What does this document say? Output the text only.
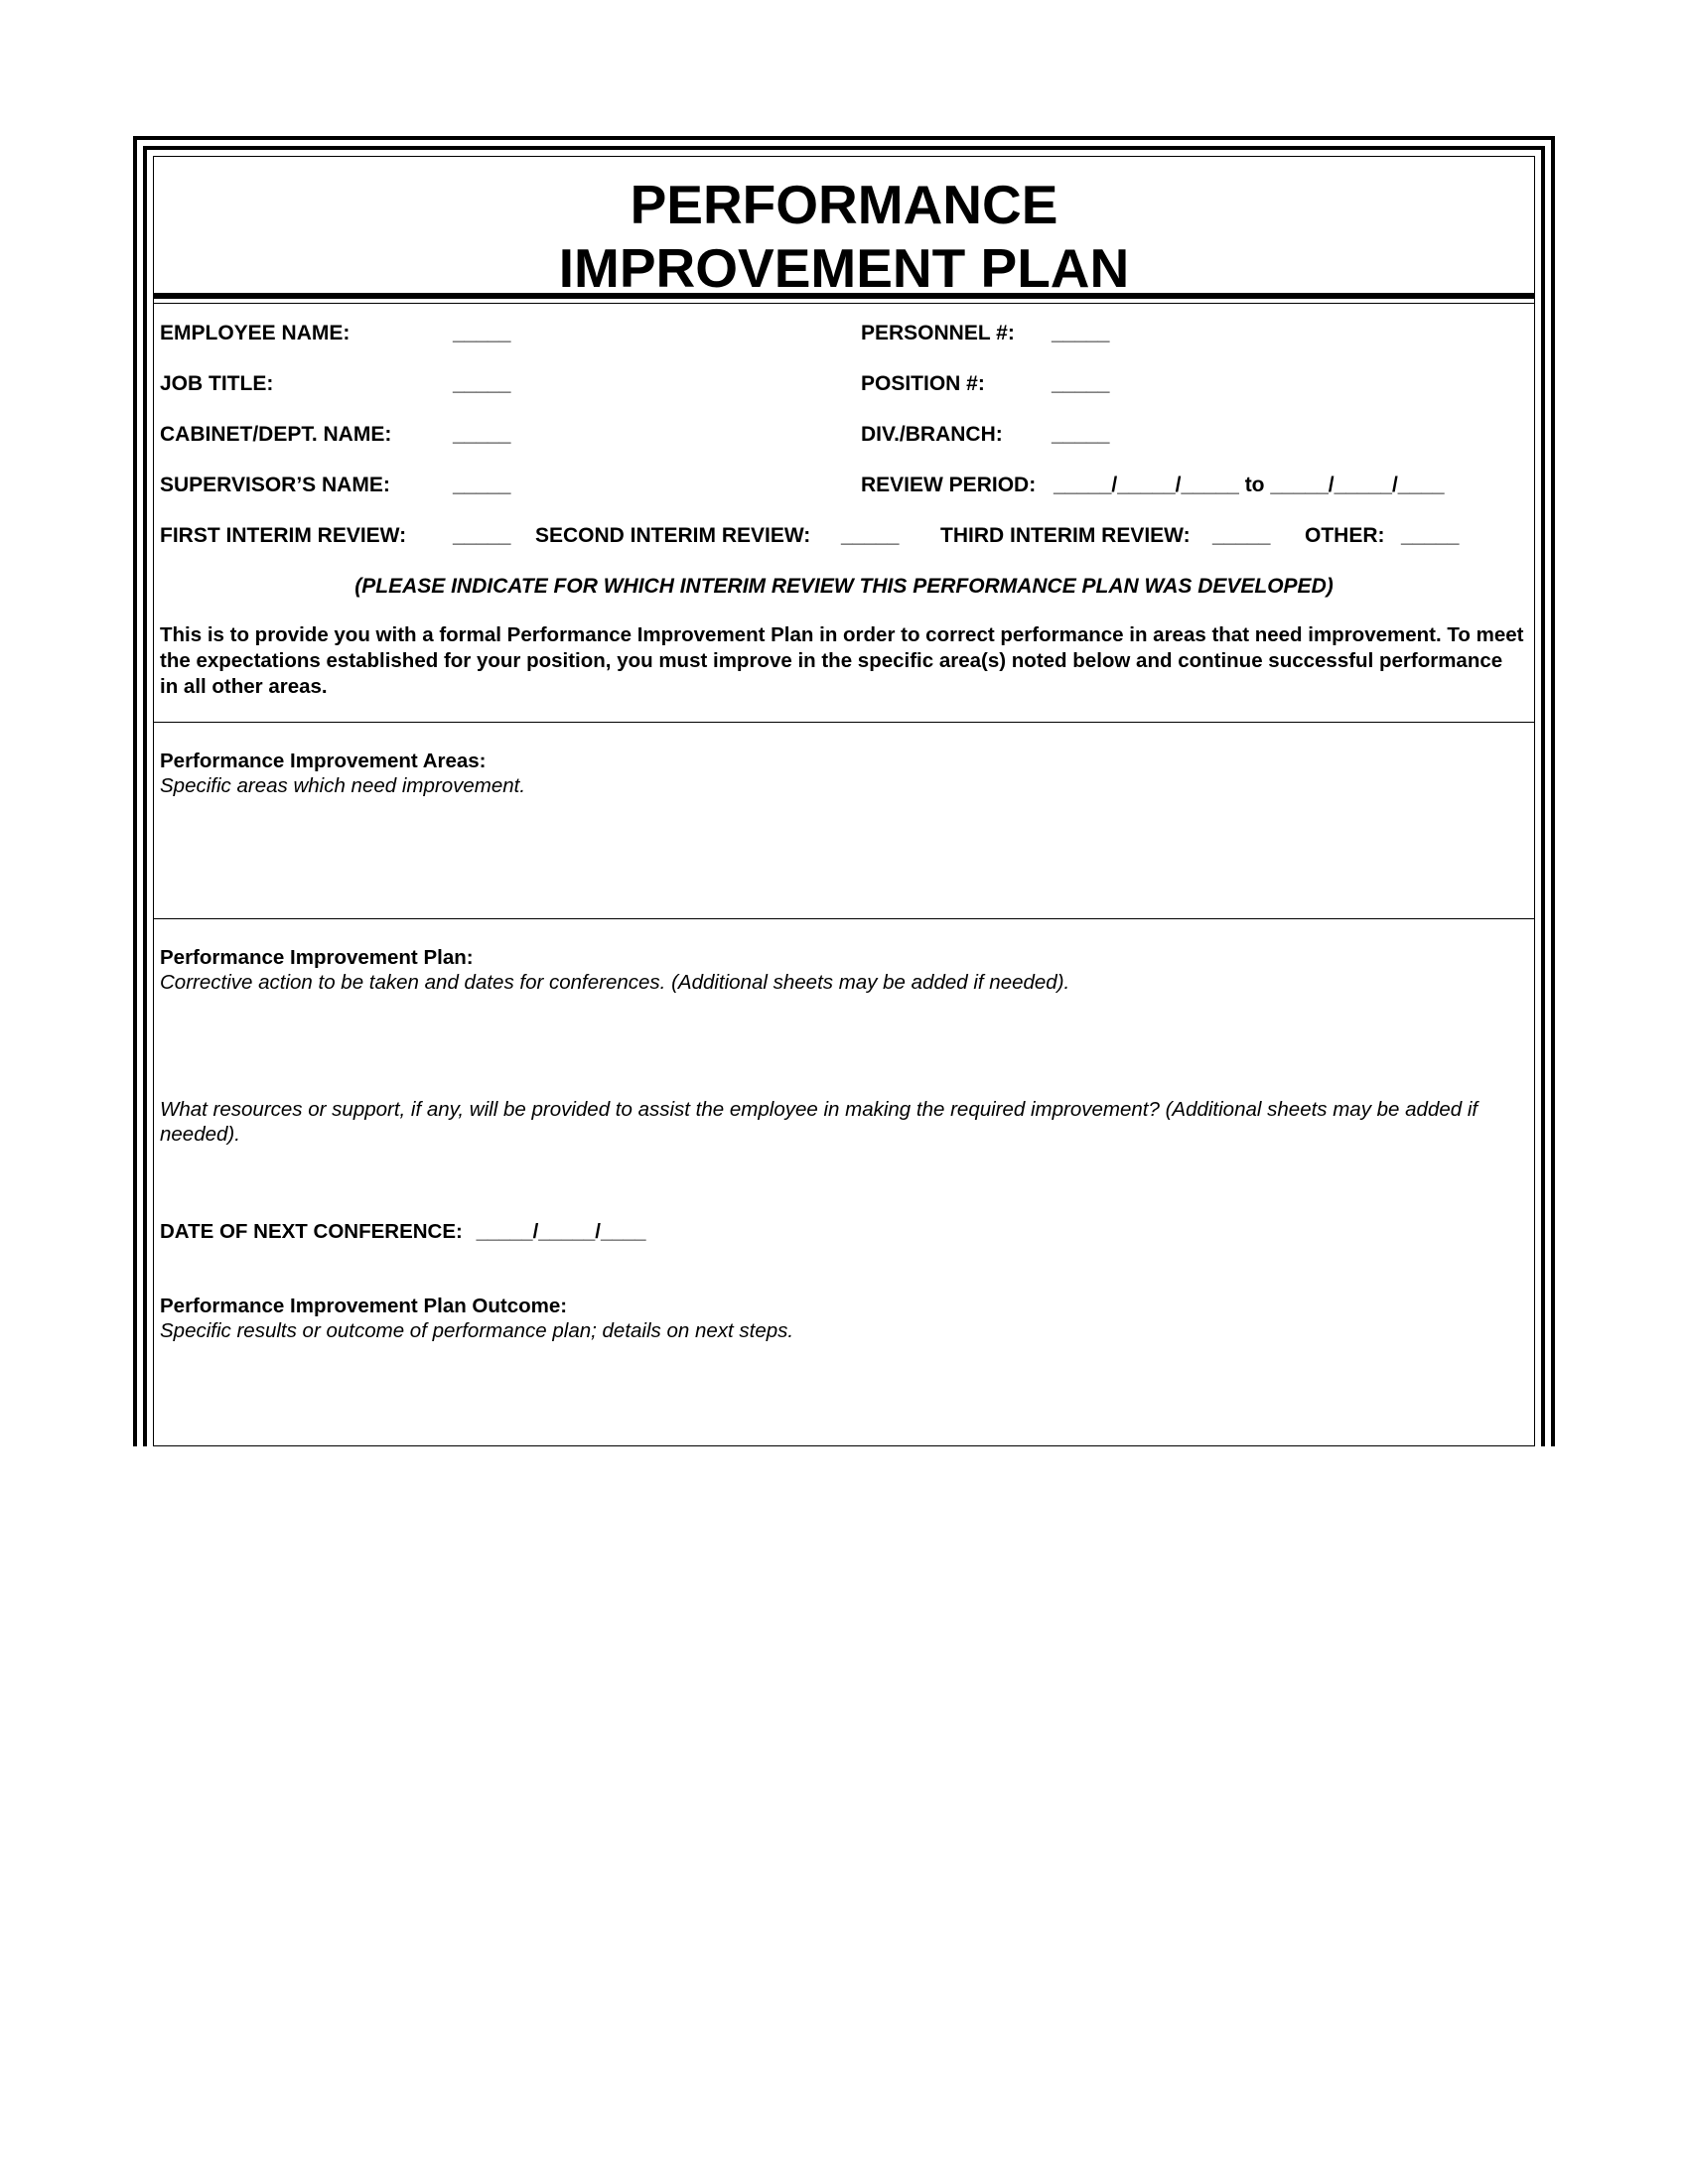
PERFORMANCE
IMPROVEMENT PLAN
EMPLOYEE NAME:	_____	PERSONNEL #: _____
JOB TITLE:	_____	POSITION #:	_____
CABINET/DEPT. NAME:	_____	DIV./BRANCH: _____
SUPERVISOR’S NAME:	_____	REVIEW PERIOD: _____/_____/_____ to _____/_____/____
FIRST INTERIM REVIEW: _____ SECOND INTERIM REVIEW: _____ THIRD INTERIM REVIEW: _____ OTHER: _____
(PLEASE INDICATE FOR WHICH INTERIM REVIEW THIS PERFORMANCE PLAN WAS DEVELOPED)
This is to provide you with a formal Performance Improvement Plan in order to correct performance in areas that need improvement. To meet the expectations established for your position, you must improve in the specific area(s) noted below and continue successful performance in all other areas.
Performance Improvement Areas:
Specific areas which need improvement.
Performance Improvement Plan:
Corrective action to be taken and dates for conferences. (Additional sheets may be added if needed).
What resources or support, if any, will be provided to assist the employee in making the required improvement? (Additional sheets may be added if needed).
DATE OF NEXT CONFERENCE: _____/_____/____
Performance Improvement Plan Outcome:
Specific results or outcome of performance plan; details on next steps.
